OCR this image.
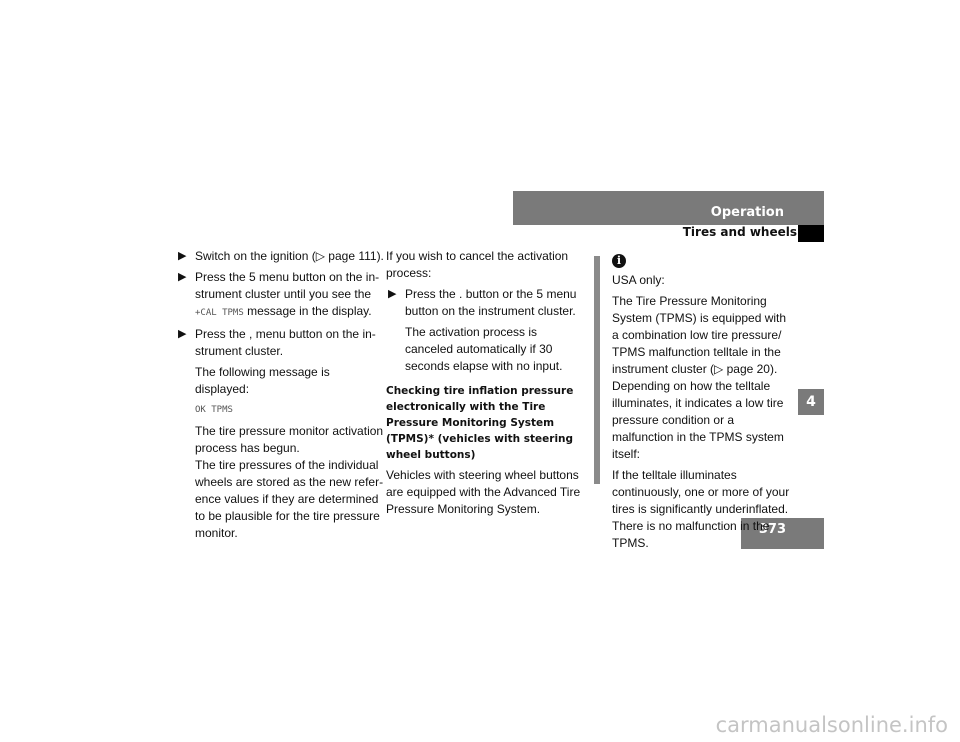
Operation
Tires and wheels
4
373
▶ Switch on the ignition (▷ page 111).
▶ Press the 5 menu button on the instrument cluster until you see the +CAL TPMS message in the display.
▶ Press the , menu button on the instrument cluster.
The following message is displayed:
OK TPMS
The tire pressure monitor activation process has begun.
The tire pressures of the individual wheels are stored as the new reference values if they are determined to be plausible for the tire pressure monitor.
If you wish to cancel the activation process:
▶ Press the . button or the 5 menu button on the instrument cluster.
The activation process is canceled automatically if 30 seconds elapse with no input.
Checking tire inflation pressure electronically with the Tire Pressure Monitoring System (TPMS)* (vehicles with steering wheel buttons)
Vehicles with steering wheel buttons are equipped with the Advanced Tire Pressure Monitoring System.
i
USA only:
The Tire Pressure Monitoring System (TPMS) is equipped with a combination low tire pressure/ TPMS malfunction telltale in the instrument cluster (▷ page 20). Depending on how the telltale illuminates, it indicates a low tire pressure condition or a malfunction in the TPMS system itself:
If the telltale illuminates continuously, one or more of your tires is significantly underinflated. There is no malfunction in the TPMS.
carmanualsonline.info
